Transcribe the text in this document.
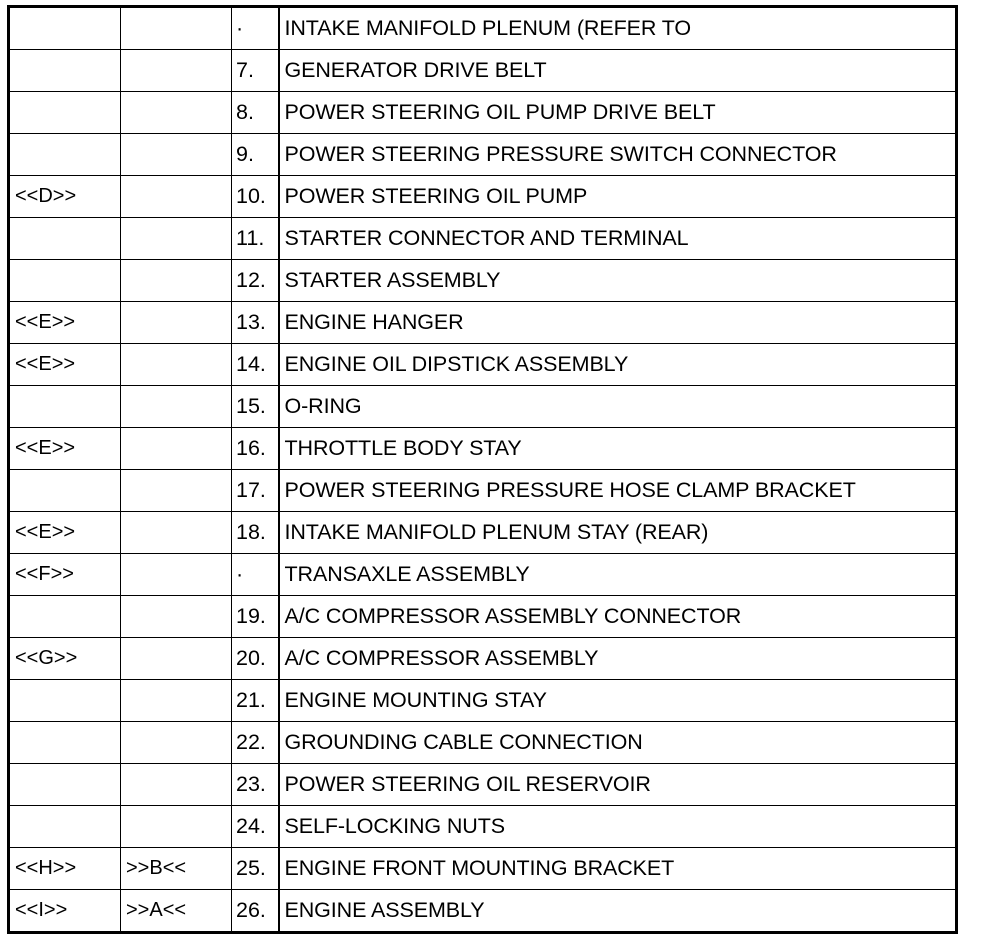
		·	INTAKE MANIFOLD PLENUM (REFER TO
		7.	GENERATOR DRIVE BELT
		8.	POWER STEERING OIL PUMP DRIVE BELT
		9.	POWER STEERING PRESSURE SWITCH CONNECTOR
<<D>>		10.	POWER STEERING OIL PUMP
		11.	STARTER CONNECTOR AND TERMINAL
		12.	STARTER ASSEMBLY
<<E>>		13.	ENGINE HANGER
<<E>>		14.	ENGINE OIL DIPSTICK ASSEMBLY
		15.	O-RING
<<E>>		16.	THROTTLE BODY STAY
		17.	POWER STEERING PRESSURE HOSE CLAMP BRACKET
<<E>>		18.	INTAKE MANIFOLD PLENUM STAY (REAR)
<<F>>		·	TRANSAXLE ASSEMBLY
		19.	A/C COMPRESSOR ASSEMBLY CONNECTOR
<<G>>		20.	A/C COMPRESSOR ASSEMBLY
		21.	ENGINE MOUNTING STAY
		22.	GROUNDING CABLE CONNECTION
		23.	POWER STEERING OIL RESERVOIR
		24.	SELF-LOCKING NUTS
<<H>>	>>B<<	25.	ENGINE FRONT MOUNTING BRACKET
<<I>>	>>A<<	26.	ENGINE ASSEMBLY
